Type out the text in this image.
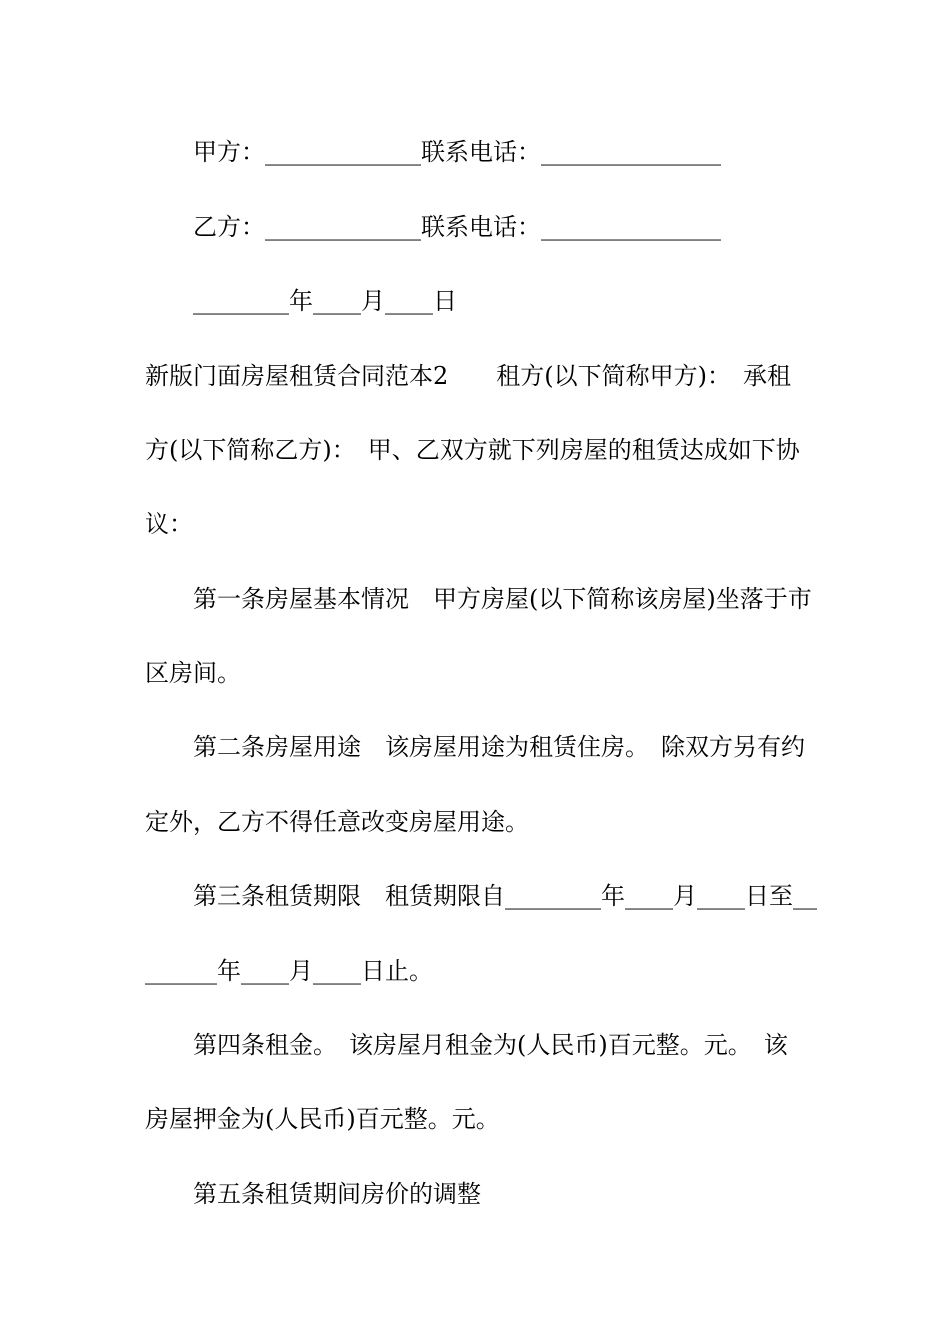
甲方：_____________联系电话：_______________
乙方：_____________联系电话：_______________
________年____月____日
新版门面房屋租赁合同范本2　　租方(以下简称甲方)：　承租
方(以下简称乙方)：　甲、乙双方就下列房屋的租赁达成如下协
议：
第一条房屋基本情况　甲方房屋(以下简称该房屋)坐落于市
区房间。
第二条房屋用途　该房屋用途为租赁住房。　除双方另有约
定外，乙方不得任意改变房屋用途。
第三条租赁期限　租赁期限自________年____月____日至__
______年____月____日止。
第四条租金。　该房屋月租金为(人民币)百元整。元。　该
房屋押金为(人民币)百元整。元。
第五条租赁期间房价的调整
